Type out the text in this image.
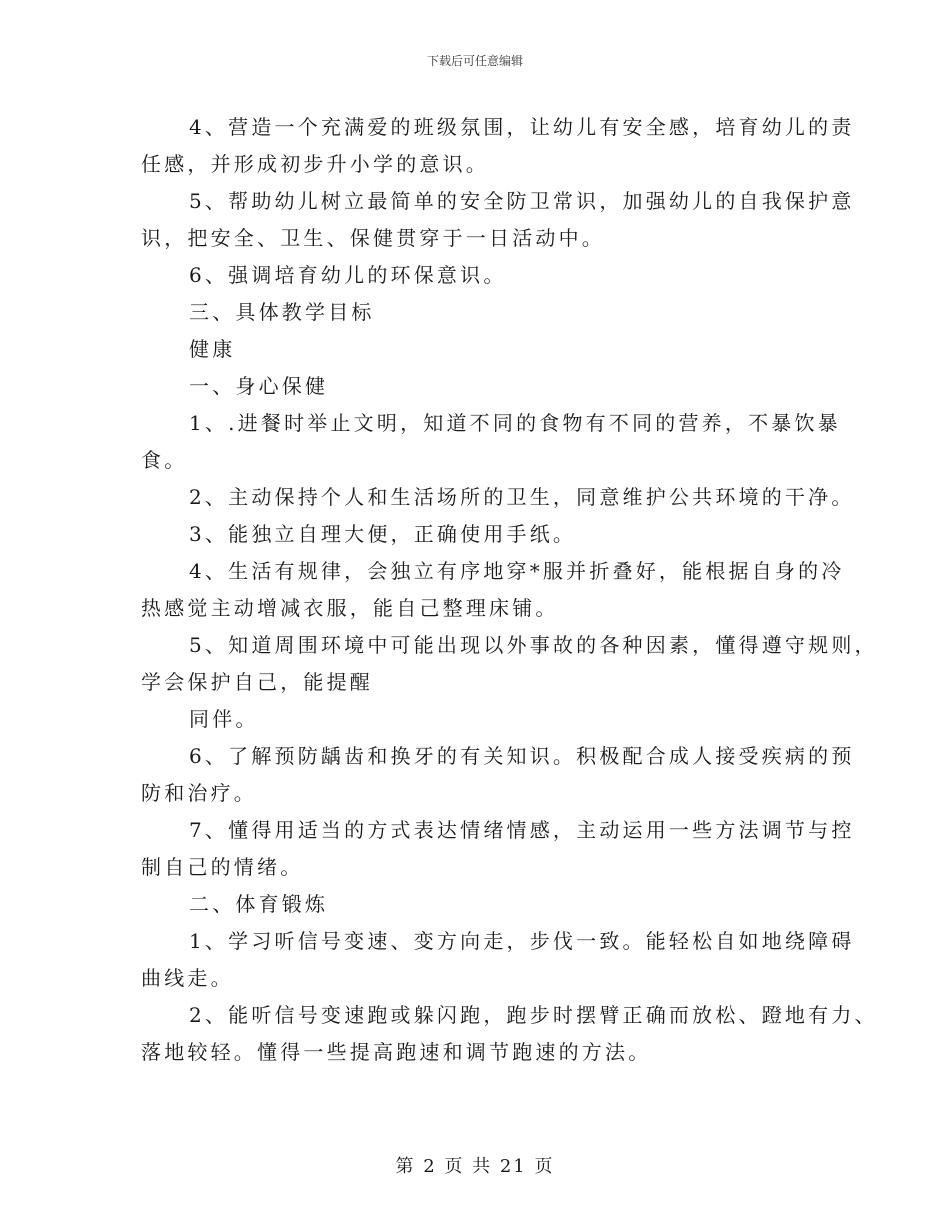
下载后可任意编辑

4、营造一个充满爱的班级氛围，让幼儿有安全感，培育幼儿的责

任感，并形成初步升小学的意识。

5、帮助幼儿树立最简单的安全防卫常识，加强幼儿的自我保护意

识，把安全、卫生、保健贯穿于一日活动中。

6、强调培育幼儿的环保意识。

三、具体教学目标

健康

一、身心保健

1、.进餐时举止文明，知道不同的食物有不同的营养，不暴饮暴

食。

2、主动保持个人和生活场所的卫生，同意维护公共环境的干净。

3、能独立自理大便，正确使用手纸。

4、生活有规律，会独立有序地穿*服并折叠好，能根据自身的冷

热感觉主动增减衣服，能自己整理床铺。

5、知道周围环境中可能出现以外事故的各种因素，懂得遵守规则，

学会保护自己，能提醒

同伴。

6、了解预防龋齿和换牙的有关知识。积极配合成人接受疾病的预

防和治疗。

7、懂得用适当的方式表达情绪情感，主动运用一些方法调节与控

制自己的情绪。

二、体育锻炼

1、学习听信号变速、变方向走，步伐一致。能轻松自如地绕障碍

曲线走。

2、能听信号变速跑或躲闪跑，跑步时摆臂正确而放松、蹬地有力、

落地较轻。懂得一些提高跑速和调节跑速的方法。

第 2 页 共 21 页
